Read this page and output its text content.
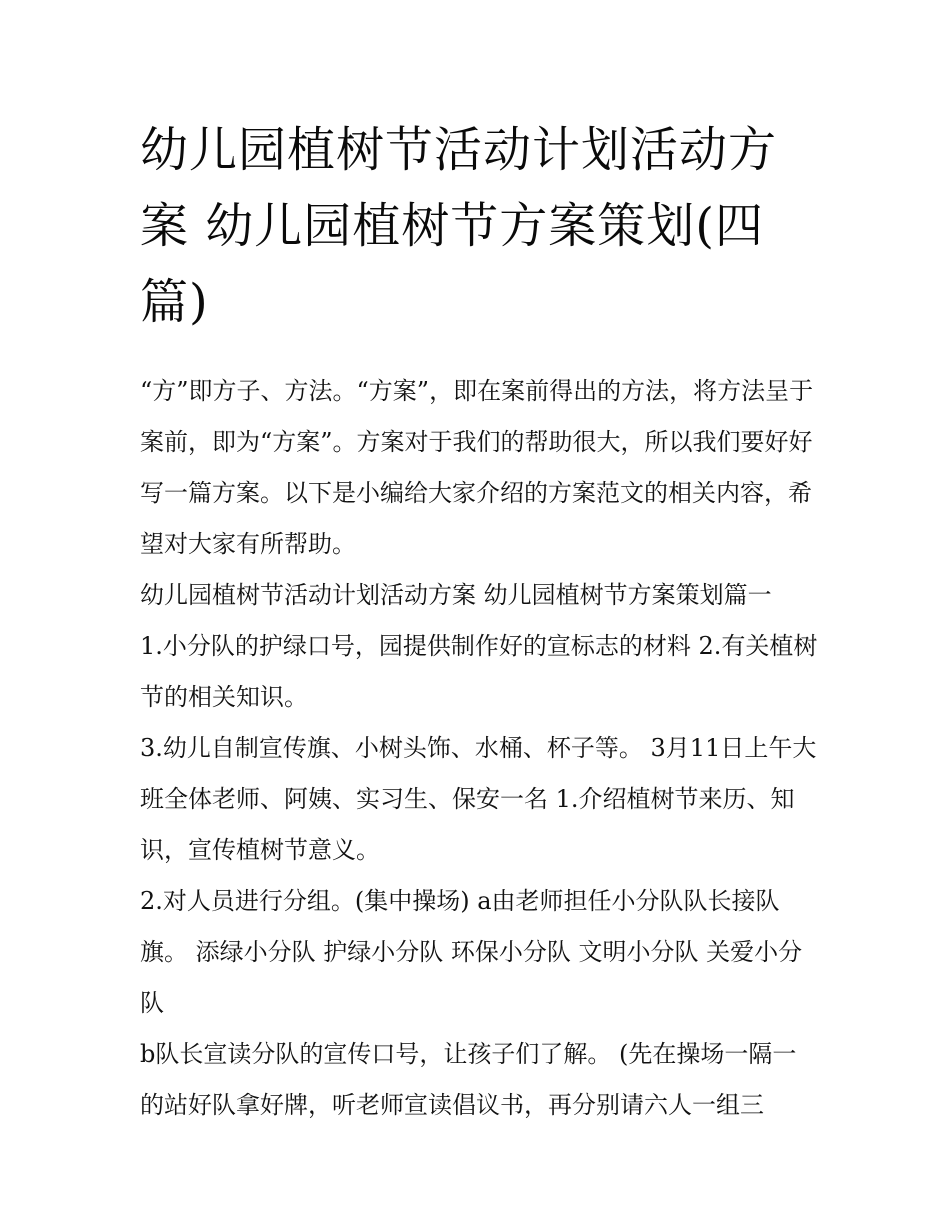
幼儿园植树节活动计划活动方案 幼儿园植树节方案策划(四篇)

“方”即方子、方法。“方案”，即在案前得出的方法，将方法呈于案前，即为“方案”。方案对于我们的帮助很大，所以我们要好好写一篇方案。以下是小编给大家介绍的方案范文的相关内容，希望对大家有所帮助。

幼儿园植树节活动计划活动方案 幼儿园植树节方案策划篇一

1.小分队的护绿口号，园提供制作好的宣标志的材料 2.有关植树节的相关知识。

3.幼儿自制宣传旗、小树头饰、水桶、杯子等。 3月11日上午大班全体老师、阿姨、实习生、保安一名 1.介绍植树节来历、知识，宣传植树节意义。

2.对人员进行分组。(集中操场) a由老师担任小分队队长接队旗。 添绿小分队 护绿小分队 环保小分队 文明小分队 关爱小分队

b队长宣读分队的宣传口号，让孩子们了解。 (先在操场一隔一的站好队拿好牌，听老师宣读倡议书，再分别请六人一组三
